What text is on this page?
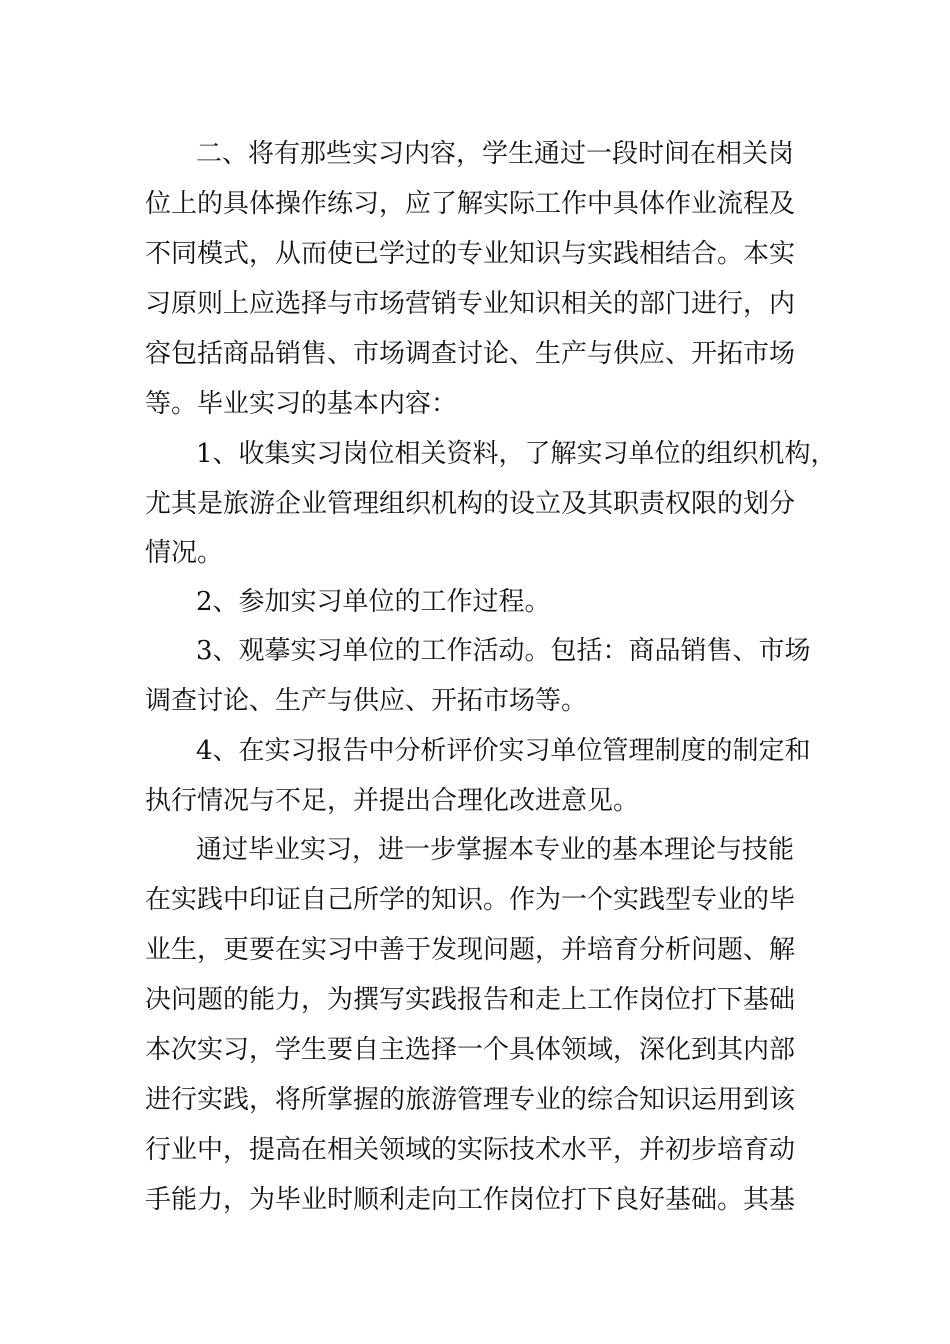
二、将有那些实习内容，学生通过一段时间在相关岗
位上的具体操作练习，应了解实际工作中具体作业流程及
不同模式，从而使已学过的专业知识与实践相结合。本实
习原则上应选择与市场营销专业知识相关的部门进行，内
容包括商品销售、市场调查讨论、生产与供应、开拓市场
等。毕业实习的基本内容：
1、收集实习岗位相关资料，了解实习单位的组织机构，
尤其是旅游企业管理组织机构的设立及其职责权限的划分
情况。
2、参加实习单位的工作过程。
3、观摹实习单位的工作活动。包括：商品销售、市场
调查讨论、生产与供应、开拓市场等。
4、在实习报告中分析评价实习单位管理制度的制定和
执行情况与不足，并提出合理化改进意见。
通过毕业实习，进一步掌握本专业的基本理论与技能
在实践中印证自己所学的知识。作为一个实践型专业的毕
业生，更要在实习中善于发现问题，并培育分析问题、解
决问题的能力，为撰写实践报告和走上工作岗位打下基础
本次实习，学生要自主选择一个具体领域，深化到其内部
进行实践，将所掌握的旅游管理专业的综合知识运用到该
行业中，提高在相关领域的实际技术水平，并初步培育动
手能力，为毕业时顺利走向工作岗位打下良好基础。其基
